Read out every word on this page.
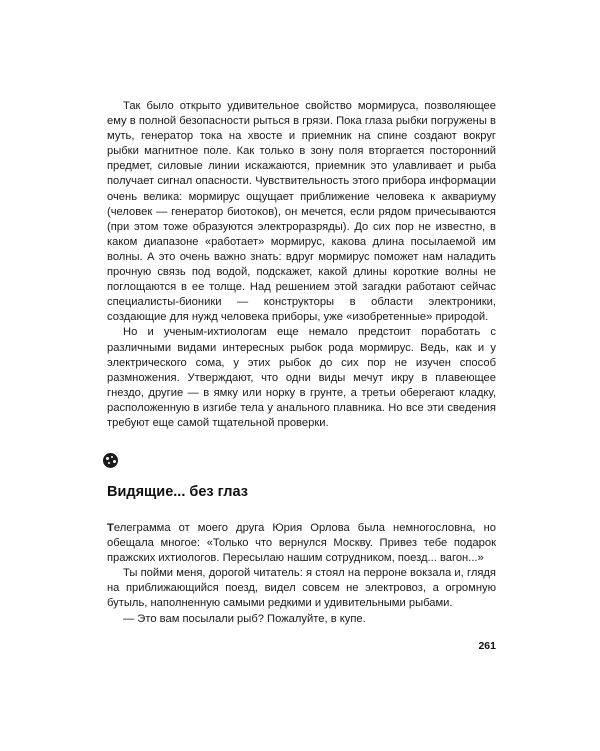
Так было открыто удивительное свойство мормируса, позволяющее ему в полной безопасности рыться в грязи. Пока глаза рыбки погружены в муть, генератор тока на хвосте и приемник на спине создают вокруг рыбки магнитное поле. Как только в зону поля вторгается посторонний предмет, силовые линии искажаются, приемник это улавливает и рыба получает сигнал опасности. Чувствительность этого прибора информации очень велика: мормирус ощущает приближение человека к аквариуму (человек — генератор биотоков), он мечется, если рядом причесываются (при этом тоже образуются электроразряды). До сих пор не известно, в каком диапазоне «работает» мормирус, какова длина посылаемой им волны. А это очень важно знать: вдруг мормирус поможет нам наладить прочную связь под водой, подскажет, какой длины короткие волны не поглощаются в ее толще. Над решением этой загадки работают сейчас специалисты-бионики — конструкторы в области электроники, создающие для нужд человека приборы, уже «изобретенные» природой.

Но и ученым-ихтиологам еще немало предстоит поработать с различными видами интересных рыбок рода мормирус. Ведь, как и у электрического сома, у этих рыбок до сих пор не изучен способ размножения. Утверждают, что одни виды мечут икру в плавеющее гнездо, другие — в ямку или норку в грунте, а третьи оберегают кладку, расположенную в изгибе тела у анального плавника. Но все эти сведения требуют еще самой тщательной проверки.

Видящие... без глаз

Телеграмма от моего друга Юрия Орлова была немногословна, но обещала многое: «Только что вернулся Москву. Привез тебе подарок пражских ихтиологов. Пересылаю нашим сотрудником, поезд... вагон...»

Ты пойми меня, дорогой читатель: я стоял на перроне вокзала и, глядя на приближающийся поезд, видел совсем не электровоз, а огромную бутыль, наполненную самыми редкими и удивительными рыбами.

— Это вам посылали рыб? Пожалуйте, в купе.

261
